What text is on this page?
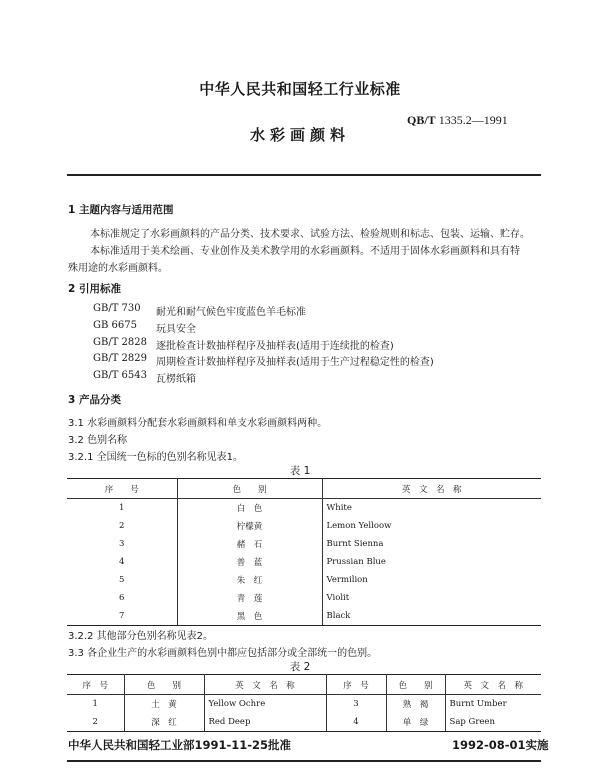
中华人民共和国轻工行业标准
QB/T 1335.2—1991
水彩画颜料
1 主题内容与适用范围
本标准规定了水彩画颜料的产品分类、技术要求、试验方法、检验规则和标志、包装、运输、贮存。
本标准适用于美术绘画、专业创作及美术教学用的水彩画颜料。不适用于固体水彩画颜料和具有特
殊用途的水彩画颜料。
2 引用标准
GB/T 730 耐光和耐气候色牢度蓝色羊毛标准
GB 6675 玩具安全
GB/T 2828 逐批检查计数抽样程序及抽样表(适用于连续批的检查)
GB/T 2829 周期检查计数抽样程序及抽样表(适用于生产过程稳定性的检查)
GB/T 6543 瓦楞纸箱
3 产品分类
3.1 水彩画颜料分配套水彩画颜料和单支水彩画颜料两种。
3.2 色别名称
3.2.1 全国统一色标的色别名称见表1。
表 1
序　　号	色　　别	英　文　名　称
1	白　色	White
2	柠檬黄	Lemon Yelloow
3	赭　石	Burnt Sienna
4	普　蓝	Prussian Blue
5	朱　红	Vermilion
6	青　莲	Violit
7	黑　色	Black
3.2.2 其他部分色别名称见表2。
3.3 各企业生产的水彩画颜料色别中都应包括部分或全部统一的色别。
表 2
序　号	色　　别	英　文　名　称	序　号	色　　别	英　文　名　称
1	土　黄	Yellow Ochre	3	熟　褐	Burnt Umber
2	深　红	Red Deep	4	单　绿	Sap Green
中华人民共和国轻工业部1991-11-25批准	1992-08-01实施
